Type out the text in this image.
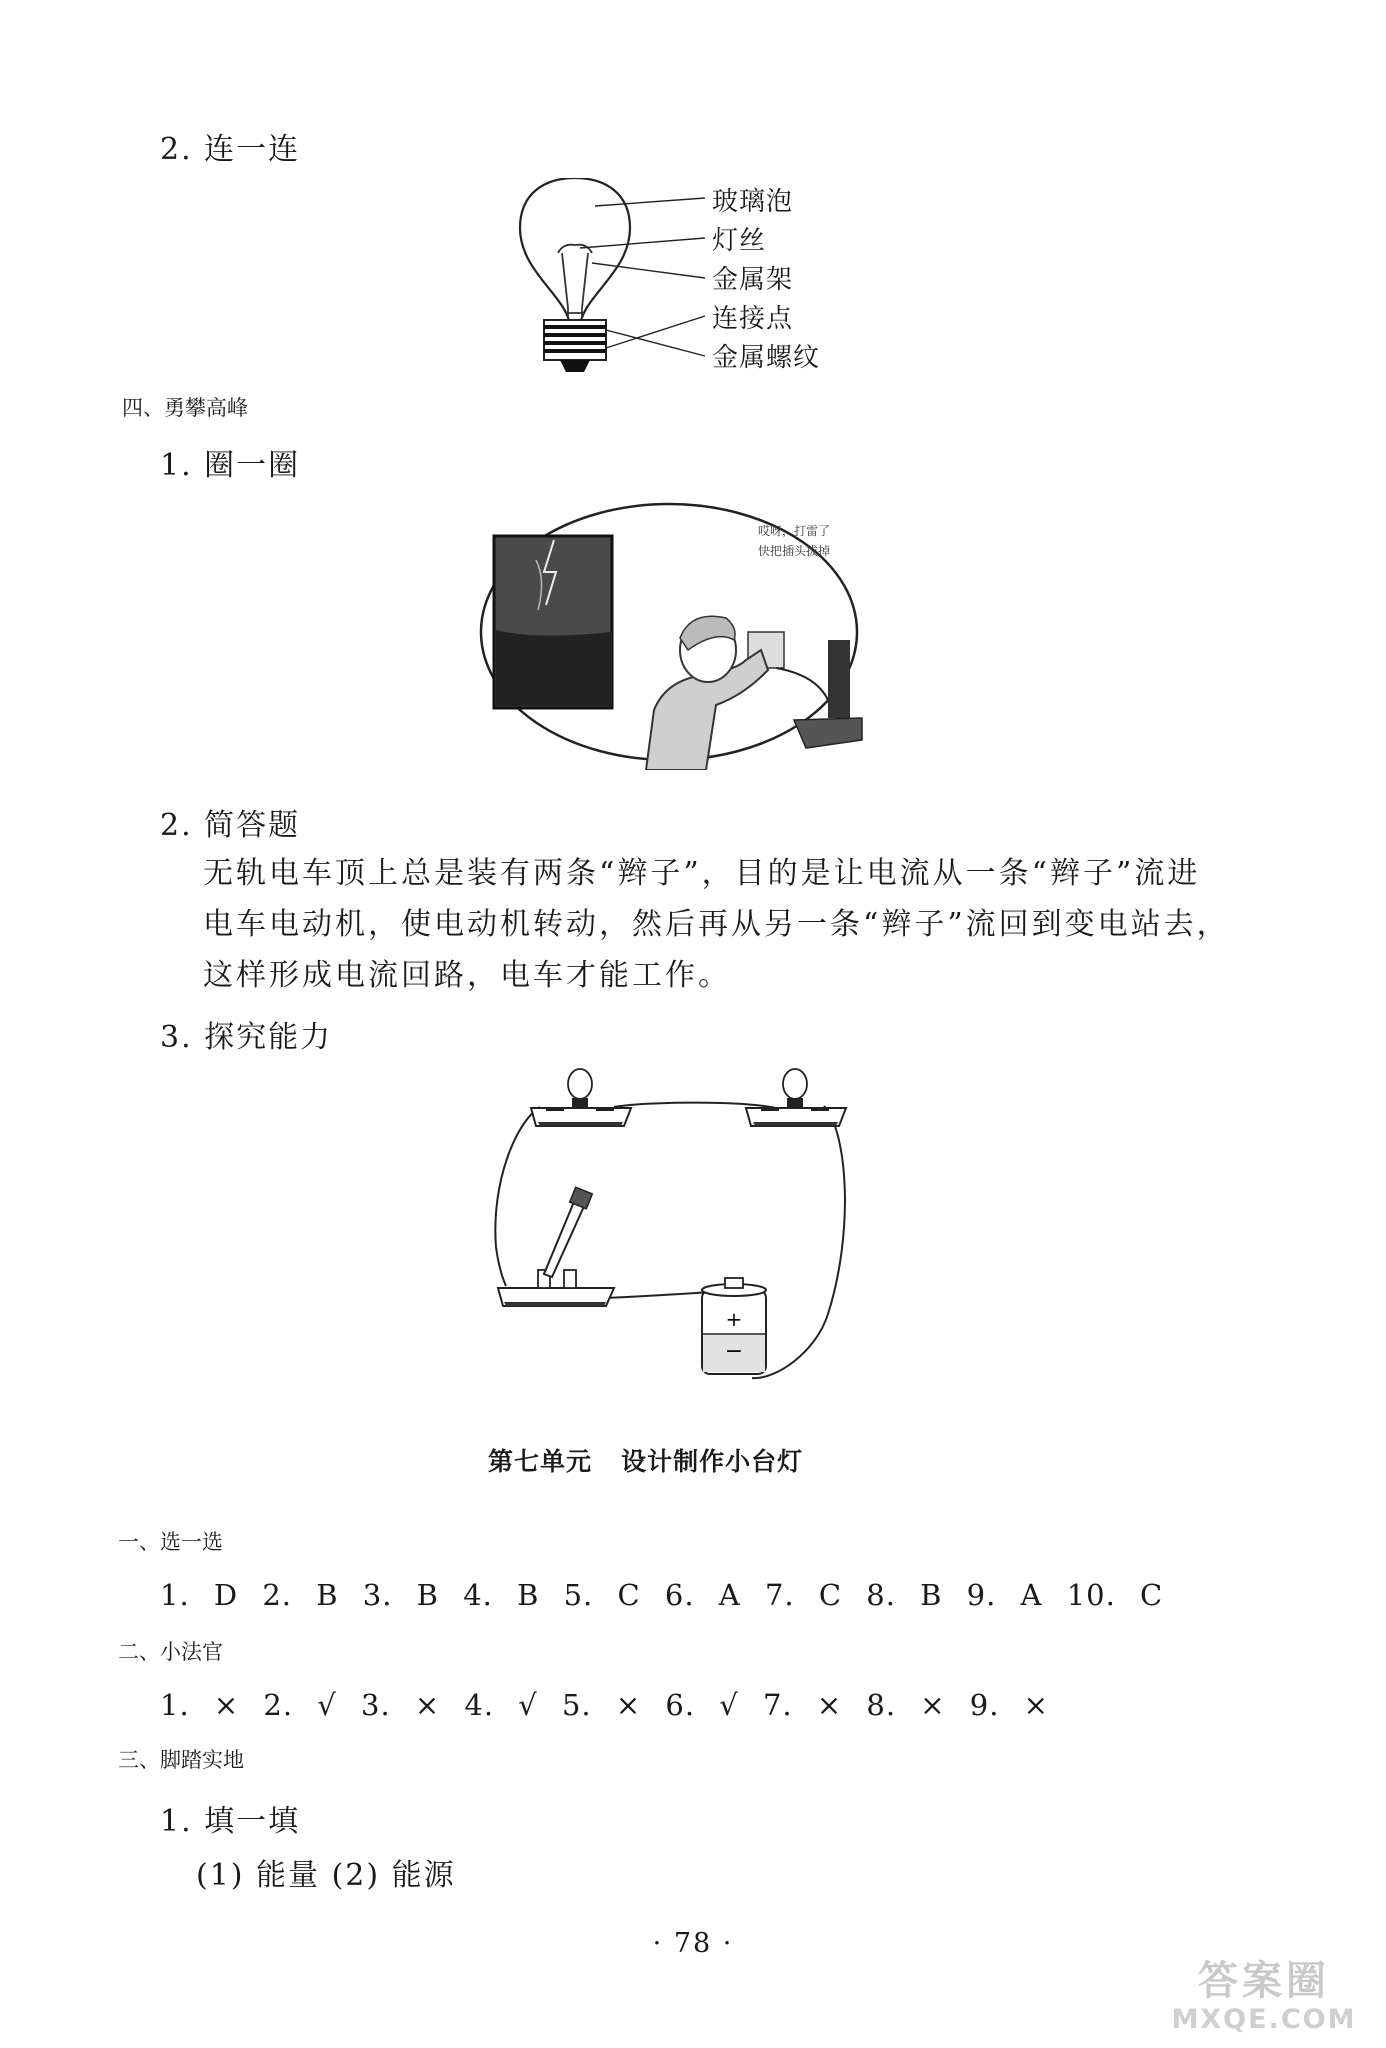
2. 连一连
玻璃泡
灯丝
金属架
连接点
金属螺纹
四、勇攀高峰
1. 圈一圈
哎呀，打雷了
快把插头拔掉
2. 简答题
无轨电车顶上总是装有两条“辫子”，目的是让电流从一条“辫子”流进电车电动机，使电动机转动，然后再从另一条“辫子”流回到变电站去，这样形成电流回路，电车才能工作。
3. 探究能力
+
−
第七单元   设计制作小台灯
一、选一选
1. D 2. B 3. B 4. B 5. C 6. A 7. C 8. B 9. A 10. C
二、小法官
1. × 2. √ 3. × 4. √ 5. × 6. √ 7. × 8. × 9. ×
三、脚踏实地
1. 填一填
(1) 能量 (2) 能源
· 78 ·
答案圈
MXQE.COM
